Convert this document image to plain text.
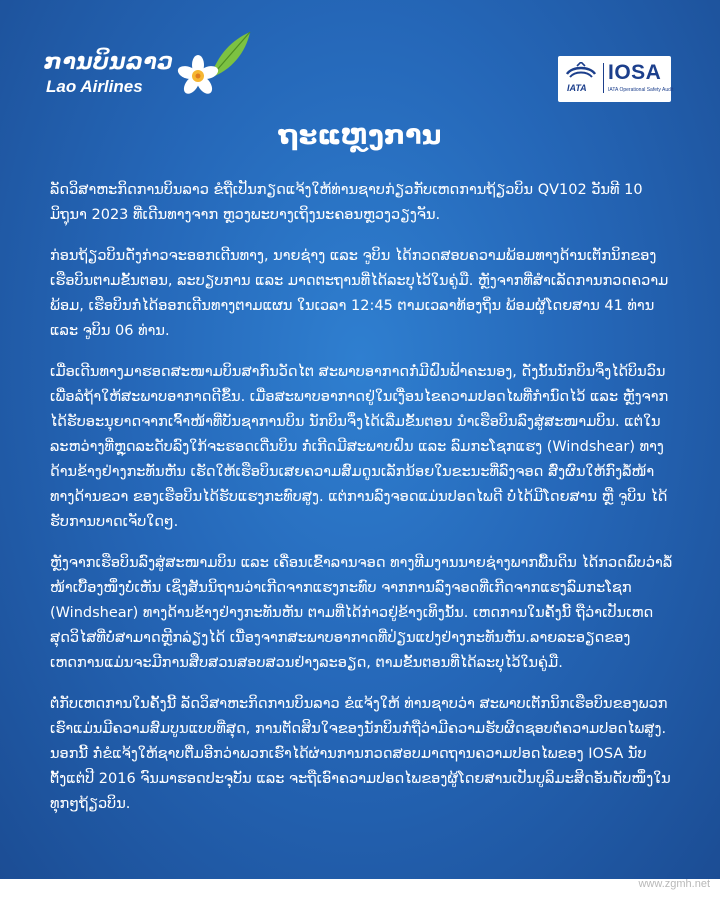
ການບິນລາວ
Lao Airlines	IATA
IOSA
IATA Operational Safety Audit
ຖະແຫຼງການ

ລັດວິສາຫະກິດການບິນລາວ ຂໍຖືເປັນກຽດແຈ້ງໃຫ້ທ່ານຊາບກ່ຽວກັບເຫດການຖ້ຽວບິນ QV102 ວັນທີ 10 ມິຖຸນາ 2023 ທີ່ເດີນທາງຈາກ ຫຼວງພະບາງເຖິງນະຄອນຫຼວງວຽງຈັນ.

ກ່ອນຖ້ຽວບິນດັ່ງກ່າວຈະອອກເດີນທາງ, ນາຍຊ່າງ ແລະ ຈູບິນ ໄດ້ກວດສອບຄວາມພ້ອມທາງດ້ານເຕັກນິກຂອງເຮືອບິນຕາມຂັ້ນຕອນ, ລະບຽບການ ແລະ ມາດຕະຖານທີ່ໄດ້ລະບຸໄວ້ໃນຄູ່ມື. ຫຼັງຈາກທີ່ສຳເລັດການກວດຄວາມພ້ອມ, ເຮືອບິນກໍ່ໄດ້ອອກເດີນທາງຕາມແຜນ ໃນເວລາ 12:45 ຕາມເວລາທ້ອງຖິ່ນ ພ້ອມຜູ້ໂດຍສານ 41 ທ່ານ ແລະ ຈູບິນ 06 ທ່ານ.

ເມື່ອເດີນທາງມາຮອດສະໜາມບິນສາກົນວັດໄຕ ສະພາບອາກາດກໍ່ມີຝົນຟ້າຄະນອງ, ດັ່ງນັ້ນນັກບິນຈຶ່ງໄດ້ບິນວົນເພື່ອລໍຖ້າໃຫ້ສະພາບອາກາດດີຂຶ້ນ. ເມື່ອສະພາບອາກາດຢູ່ໃນເງື່ອນໄຂຄວາມປອດໄພທີ່ກຳນົດໄວ້ ແລະ ຫຼັງຈາກໄດ້ຮັບອະນຸຍາດຈາກເຈົ້າໜ້າທີ່ບັນຊາການບິນ ນັກບິນຈຶ່ງໄດ້ເລີ່ມຂັ້ນຕອນ ນຳເຮືອບິນລົງສູ່ສະໜາມບິນ. ແຕ່ໃນລະຫວ່າງທີ່ຫຼຸດລະດັບລົງໃກ້ຈະຮອດເດີ່ນບິນ ກໍ່ເກີດມີສະພາບຝົນ ແລະ ລົມກະໂຊກແຮງ (Windshear) ທາງດ້ານຂ້າງຢ່າງກະທັນຫັນ ເຮັດໃຫ້ເຮືອບິນເສຍຄວາມສົມດູນເລັກນ້ອຍໃນຂະນະທີ່ລົງຈອດ ສົ່ງຜົນໃຫ້ກົງລໍ້ໜ້າທາງດ້ານຂວາ ຂອງເຮືອບິນໄດ້ຮັບແຮງກະທົບສູງ. ແຕ່ການລົງຈອດແມ່ນປອດໄພດີ ບໍ່ໄດ້ມີໂດຍສານ ຫຼື ຈູບິນ ໄດ້ຮັບການບາດເຈັບໃດໆ.

ຫຼັງຈາກເຮືອບິນລົງສູ່ສະໜາມບິນ ແລະ ເຄື່ອນເຂົ້າລານຈອດ ທາງທີມງານນາຍຊ່າງພາກພື້ນດິນ ໄດ້ກວດພົບວ່າລໍ້ໜ້າເບື້ອງໜຶ່ງບໍ່ເຫັນ ເຊິ່ງສັນນິຖານວ່າເກີດຈາກແຮງກະທົບ ຈາກການລົງຈອດທີ່ເກີດຈາກແຮງລົມກະໂຊກ (Windshear) ທາງດ້ານຂ້າງຢ່າງກະທັນຫັນ ຕາມທີ່ໄດ້ກ່າວຢູ່ຂ້າງເທິງນັ້ນ. ເຫດການໃນຄັ້ງນີ້ ຖືວ່າເປັນເຫດສຸດວິໄສທີ່ບໍ່ສາມາດຫຼີກລ່ຽງໄດ້ ເນື່ອງຈາກສະພາບອາກາດທີ່ປ່ຽນແປງຢ່າງກະທັນຫັນ.ລາຍລະອຽດຂອງເຫດການແມ່ນຈະມີການສືບສວນສອບສວນຢ່າງລະອຽດ, ຕາມຂັ້ນຕອນທີ່ໄດ້ລະບຸໄວ້ໃນຄູ່ມື.

ຕໍ່ກັບເຫດການໃນຄັ້ງນີ້ ລັດວິສາຫະກິດການບິນລາວ ຂໍແຈ້ງໃຫ້ ທ່ານຊາບວ່າ ສະພາບເຕັກນິກເຮືອບິນຂອງພວກເຮົາແມ່ນມີຄວາມສົມບູນແບບທີ່ສຸດ, ການຕັດສິນໃຈຂອງນັກບິນກໍ່ຖືວ່າມີຄວາມຮັບຜິດຊອບຕໍ່ຄວາມປອດໄພສູງ. ນອກນີ້ ກໍ່ຂໍແຈ້ງໃຫ້ຊາບຕື່ມອີກວ່າພວກເຮົາໄດ້ຜ່ານການກວດສອບມາດຖານຄວາມປອດໄພຂອງ IOSA ນັບຕັ້ງແຕ່ປີ 2016 ຈົນມາຮອດປະຈຸບັນ ແລະ ຈະຖືເອົາຄວາມປອດໄພຂອງຜູ້ໂດຍສານເປັນບູລິມະສິດອັນດັບໜຶ່ງໃນທຸກໆຖ້ຽວບິນ.

www.zgmh.net
